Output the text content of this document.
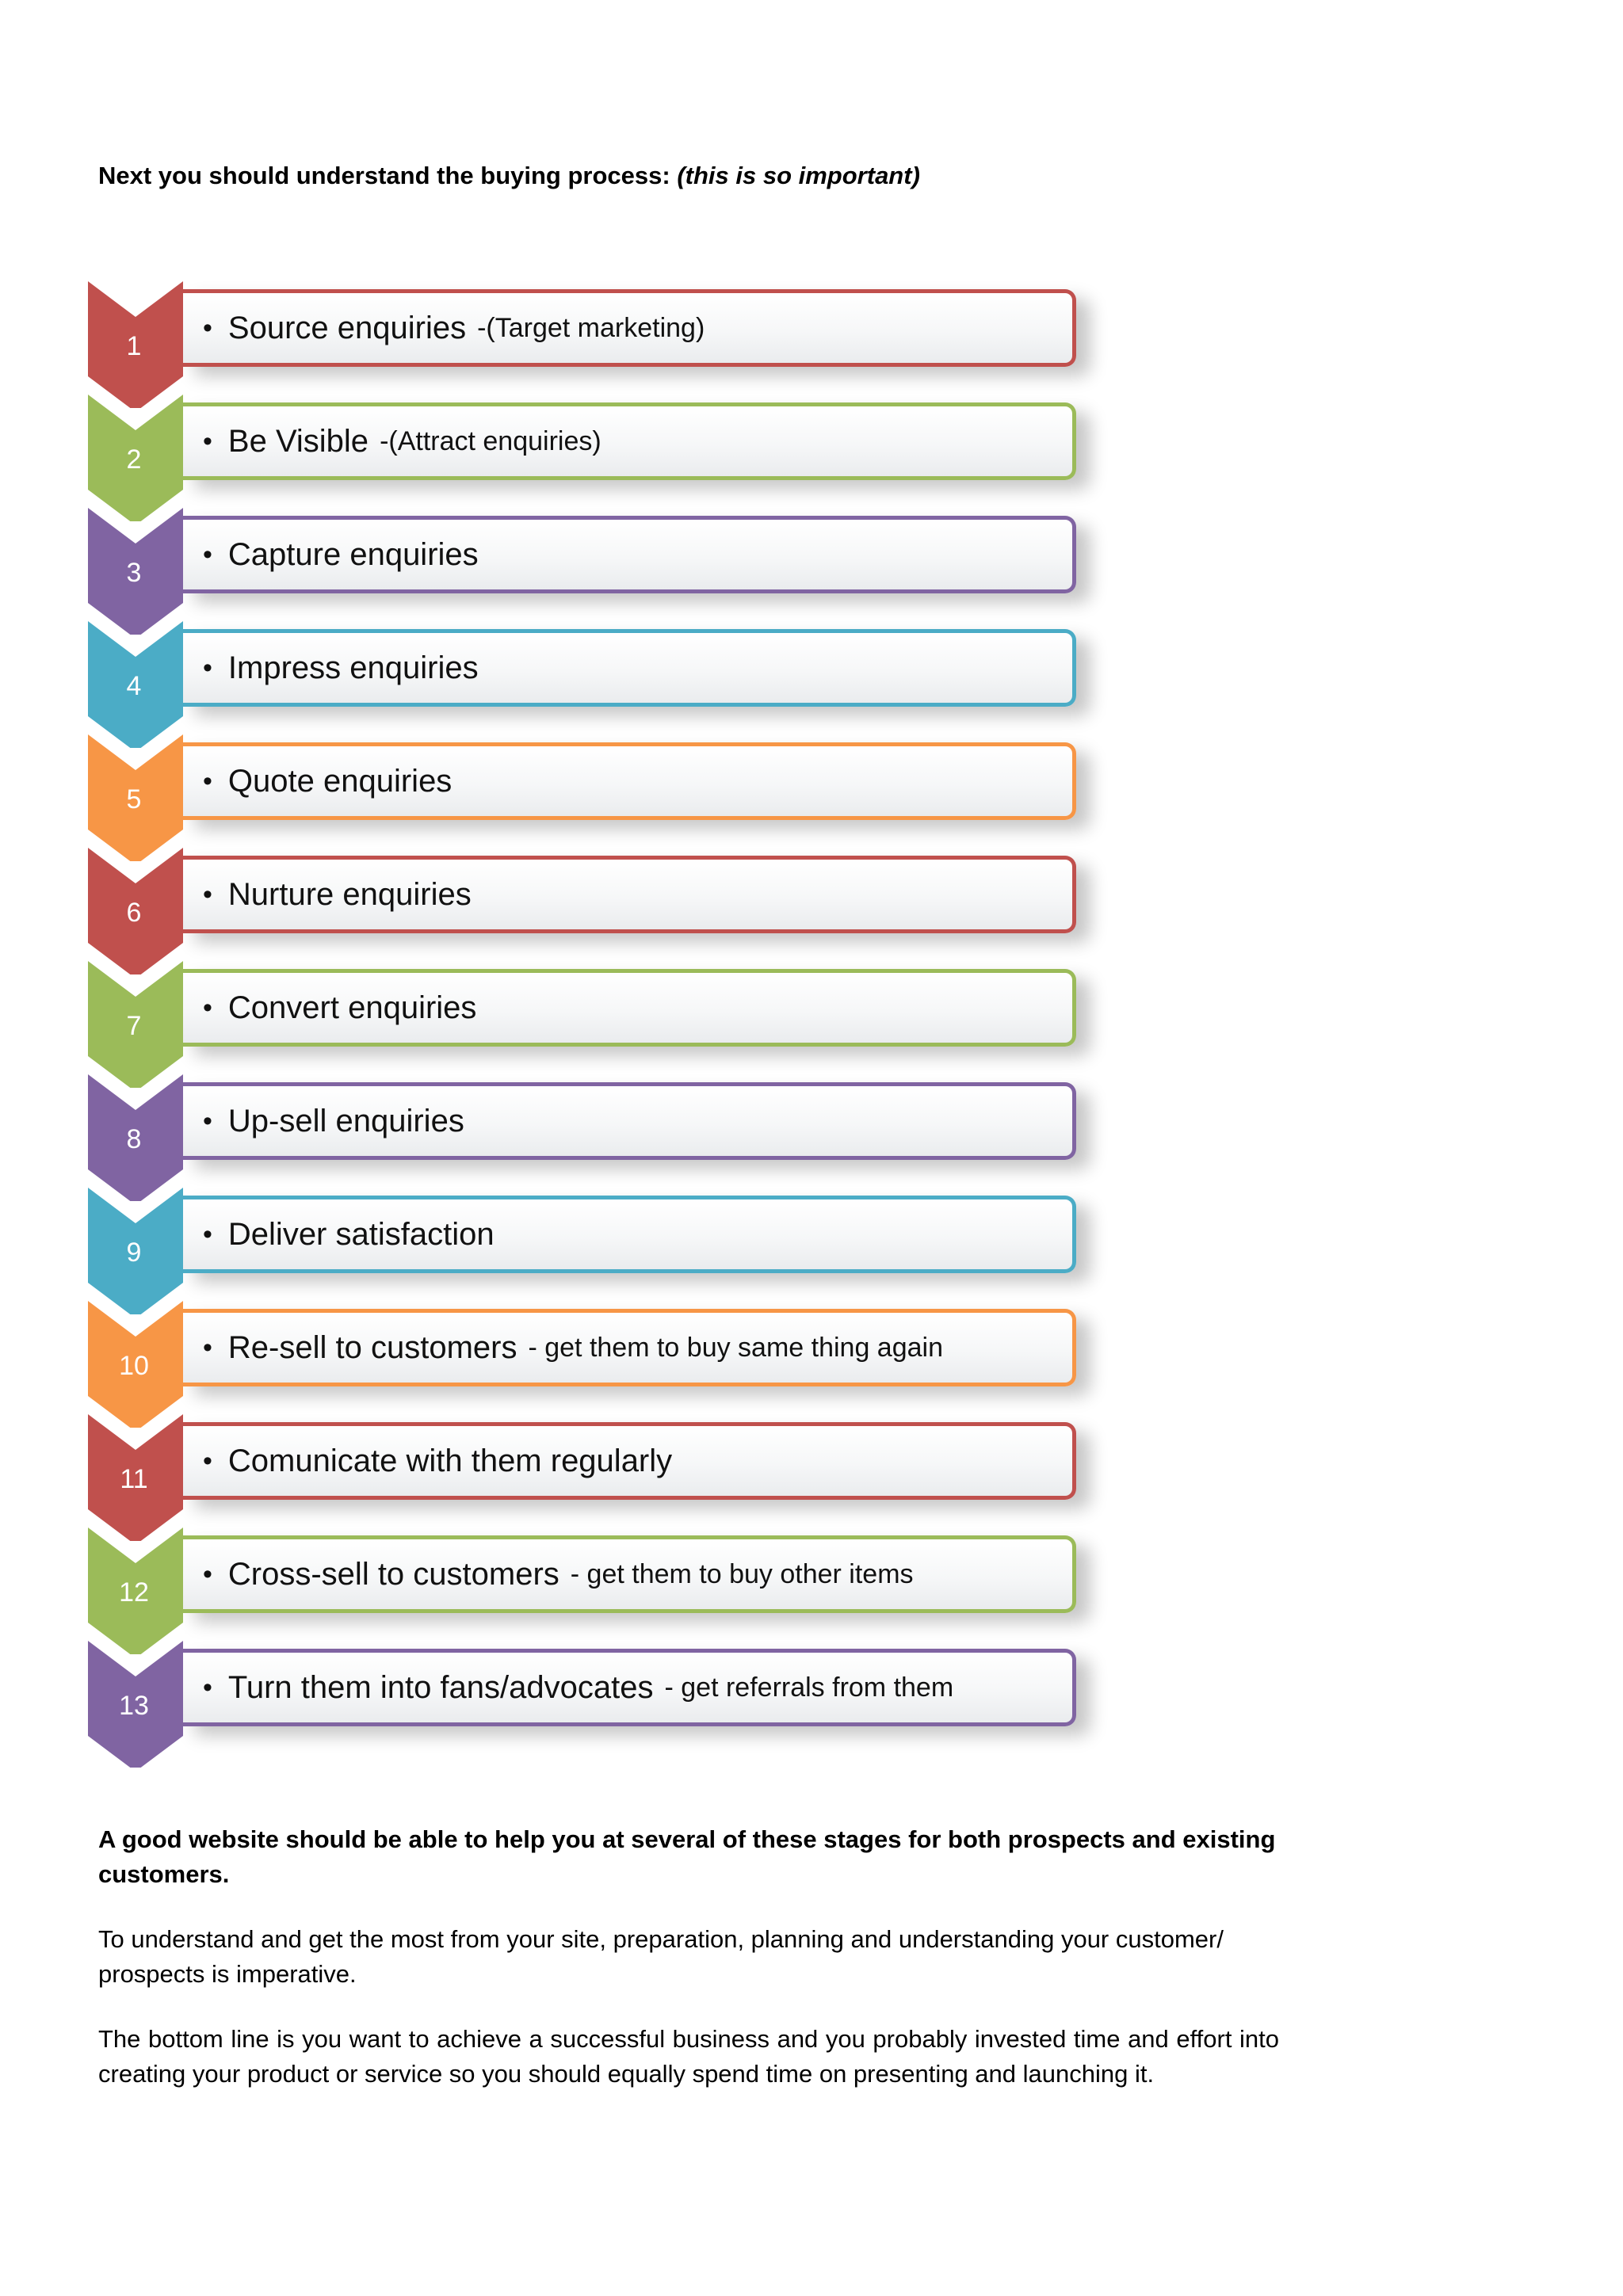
Next you should understand the buying process: (this is so important)
1
• Source enquiries -(Target marketing)
2
• Be Visible -(Attract enquiries)
3
• Capture enquiries
4
• Impress enquiries
5
• Quote enquiries
6
• Nurture enquiries
7
• Convert enquiries
8
• Up-sell enquiries
9
• Deliver satisfaction
10
• Re-sell to customers - get them to buy same thing again
11
• Comunicate with them regularly
12
• Cross-sell to customers - get them to buy other items
13
• Turn them into fans/advocates - get referrals from them

A good website should be able to help you at several of these stages for both prospects and existing customers.

To understand and get the most from your site, preparation, planning and understanding your customer/ prospects is imperative.

The bottom line is you want to achieve a successful business and you probably invested time and effort into creating your product or service so you should equally spend time on presenting and launching it.
